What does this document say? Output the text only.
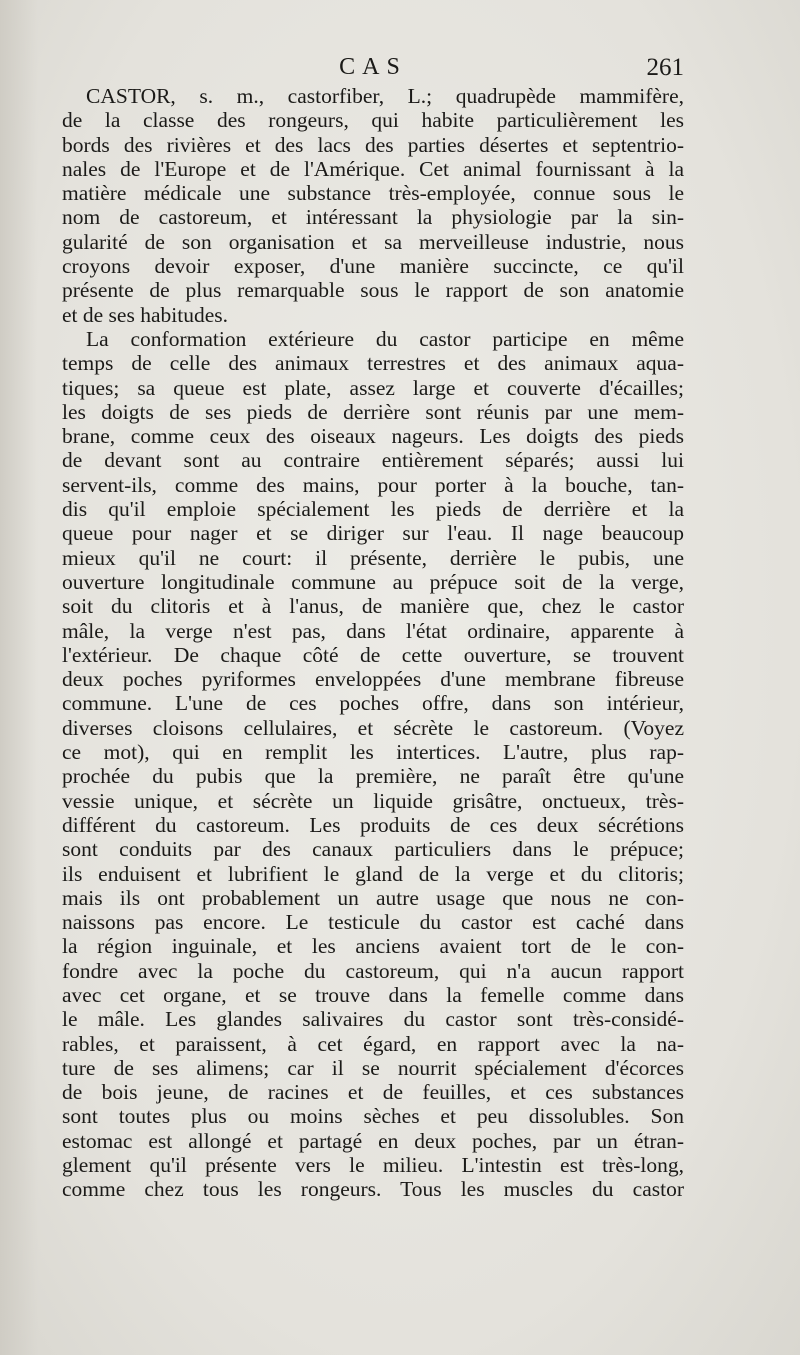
CAS	261
CASTOR, s. m., castorfiber, L.; quadrupède mammifère,
de la classe des rongeurs, qui habite particulièrement les
bords des rivières et des lacs des parties désertes et septentrio-
nales de l'Europe et de l'Amérique. Cet animal fournissant à la
matière médicale une substance très-employée, connue sous le
nom de castoreum, et intéressant la physiologie par la sin-
gularité de son organisation et sa merveilleuse industrie, nous
croyons devoir exposer, d'une manière succincte, ce qu'il
présente de plus remarquable sous le rapport de son anatomie
et de ses habitudes.
La conformation extérieure du castor participe en même
temps de celle des animaux terrestres et des animaux aqua-
tiques; sa queue est plate, assez large et couverte d'écailles;
les doigts de ses pieds de derrière sont réunis par une mem-
brane, comme ceux des oiseaux nageurs. Les doigts des pieds
de devant sont au contraire entièrement séparés; aussi lui
servent-ils, comme des mains, pour porter à la bouche, tan-
dis qu'il emploie spécialement les pieds de derrière et la
queue pour nager et se diriger sur l'eau. Il nage beaucoup
mieux qu'il ne court: il présente, derrière le pubis, une
ouverture longitudinale commune au prépuce soit de la verge,
soit du clitoris et à l'anus, de manière que, chez le castor
mâle, la verge n'est pas, dans l'état ordinaire, apparente à
l'extérieur. De chaque côté de cette ouverture, se trouvent
deux poches pyriformes enveloppées d'une membrane fibreuse
commune. L'une de ces poches offre, dans son intérieur,
diverses cloisons cellulaires, et sécrète le castoreum. (Voyez
ce mot), qui en remplit les intertices. L'autre, plus rap-
prochée du pubis que la première, ne paraît être qu'une
vessie unique, et sécrète un liquide grisâtre, onctueux, très-
différent du castoreum. Les produits de ces deux sécrétions
sont conduits par des canaux particuliers dans le prépuce;
ils enduisent et lubrifient le gland de la verge et du clitoris;
mais ils ont probablement un autre usage que nous ne con-
naissons pas encore. Le testicule du castor est caché dans
la région inguinale, et les anciens avaient tort de le con-
fondre avec la poche du castoreum, qui n'a aucun rapport
avec cet organe, et se trouve dans la femelle comme dans
le mâle. Les glandes salivaires du castor sont très-considé-
rables, et paraissent, à cet égard, en rapport avec la na-
ture de ses alimens; car il se nourrit spécialement d'écorces
de bois jeune, de racines et de feuilles, et ces substances
sont toutes plus ou moins sèches et peu dissolubles. Son
estomac est allongé et partagé en deux poches, par un étran-
glement qu'il présente vers le milieu. L'intestin est très-long,
comme chez tous les rongeurs. Tous les muscles du castor
